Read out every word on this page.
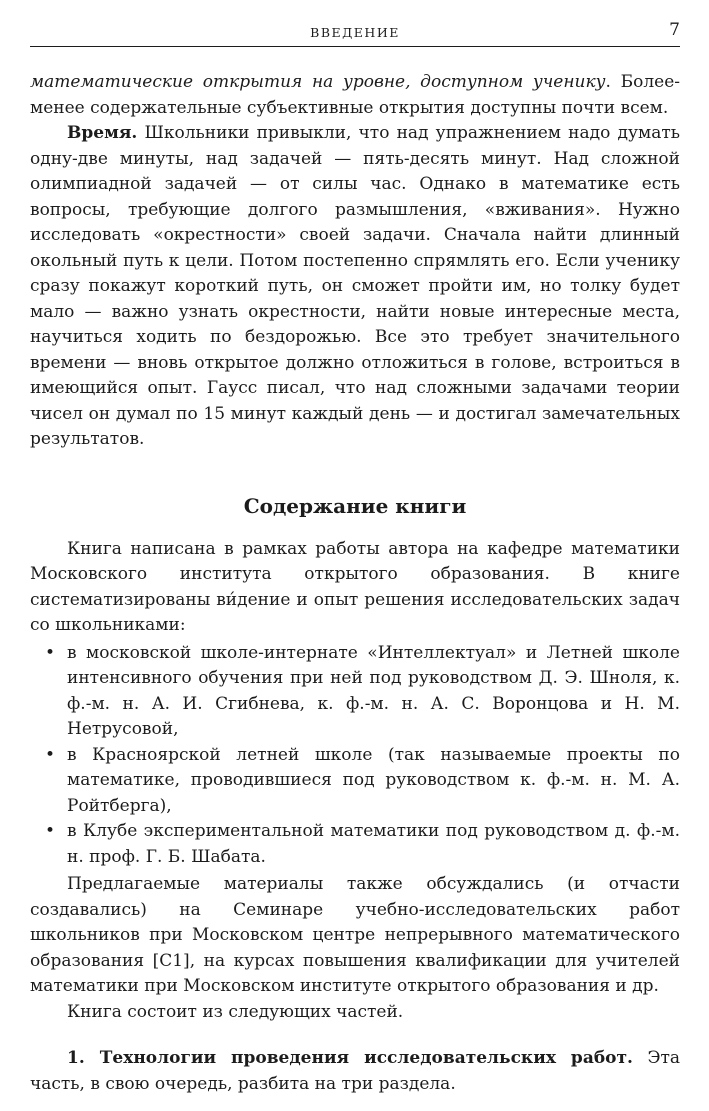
ВВЕДЕНИЕ	7

математические открытия на уровне, доступном ученику. Более-менее содержательные субъективные открытия доступны почти всем.

Время. Школьники привыкли, что над упражнением надо думать одну-две минуты, над задачей — пять-десять минут. Над сложной олимпиадной задачей — от силы час. Однако в математике есть вопросы, требующие долгого размышления, «вживания». Нужно исследовать «окрестности» своей задачи. Сначала найти длинный окольный путь к цели. Потом постепенно спрямлять его. Если ученику сразу покажут короткий путь, он сможет пройти им, но толку будет мало — важно узнать окрестности, найти новые интересные места, научиться ходить по бездорожью. Все это требует значительного времени — вновь открытое должно отложиться в голове, встроиться в имеющийся опыт. Гаусс писал, что над сложными задачами теории чисел он думал по 15 минут каждый день — и достигал замечательных результатов.

Содержание книги

Книга написана в рамках работы автора на кафедре математики Московского института открытого образования. В книге систематизированы ви́дение и опыт решения исследовательских задач со школьниками:

• в московской школе-интернате «Интеллектуал» и Летней школе интенсивного обучения при ней под руководством Д. Э. Шноля, к. ф.-м. н. А. И. Сгибнева, к. ф.-м. н. А. С. Воронцова и Н. М. Нетрусовой,
• в Красноярской летней школе (так называемые проекты по математике, проводившиеся под руководством к. ф.-м. н. М. А. Ройтберга),
• в Клубе экспериментальной математики под руководством д. ф.-м. н. проф. Г. Б. Шабата.

Предлагаемые материалы также обсуждались (и отчасти создавались) на Семинаре учебно-исследовательских работ школьников при Московском центре непрерывного математического образования [C1], на курсах повышения квалификации для учителей математики при Московском институте открытого образования и др.

Книга состоит из следующих частей.

1. Технологии проведения исследовательских работ. Эта часть, в свою очередь, разбита на три раздела.
